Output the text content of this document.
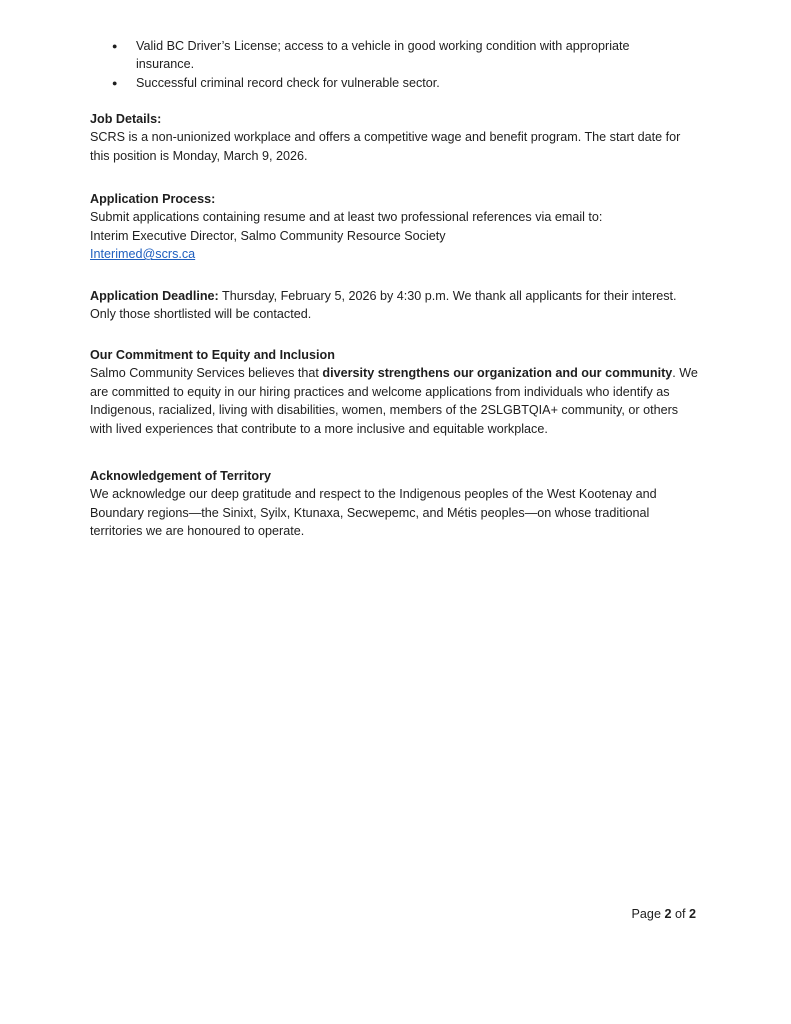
● Valid BC Driver’s License; access to a vehicle in good working condition with appropriate insurance.
● Successful criminal record check for vulnerable sector.

Job Details:

SCRS is a non-unionized workplace and offers a competitive wage and benefit program. The start date for this position is Monday, March 9, 2026.

Application Process:

Submit applications containing resume and at least two professional references via email to:

Interim Executive Director, Salmo Community Resource Society

Interimed@scrs.ca

Application Deadline: Thursday, February 5, 2026 by 4:30 p.m. We thank all applicants for their interest. Only those shortlisted will be contacted.

Our Commitment to Equity and Inclusion

Salmo Community Services believes that diversity strengthens our organization and our community. We are committed to equity in our hiring practices and welcome applications from individuals who identify as Indigenous, racialized, living with disabilities, women, members of the 2SLGBTQIA+ community, or others with lived experiences that contribute to a more inclusive and equitable workplace.

Acknowledgement of Territory

We acknowledge our deep gratitude and respect to the Indigenous peoples of the West Kootenay and Boundary regions—the Sinixt, Syilx, Ktunaxa, Secwepemc, and Métis peoples—on whose traditional territories we are honoured to operate.

Page 2 of 2
